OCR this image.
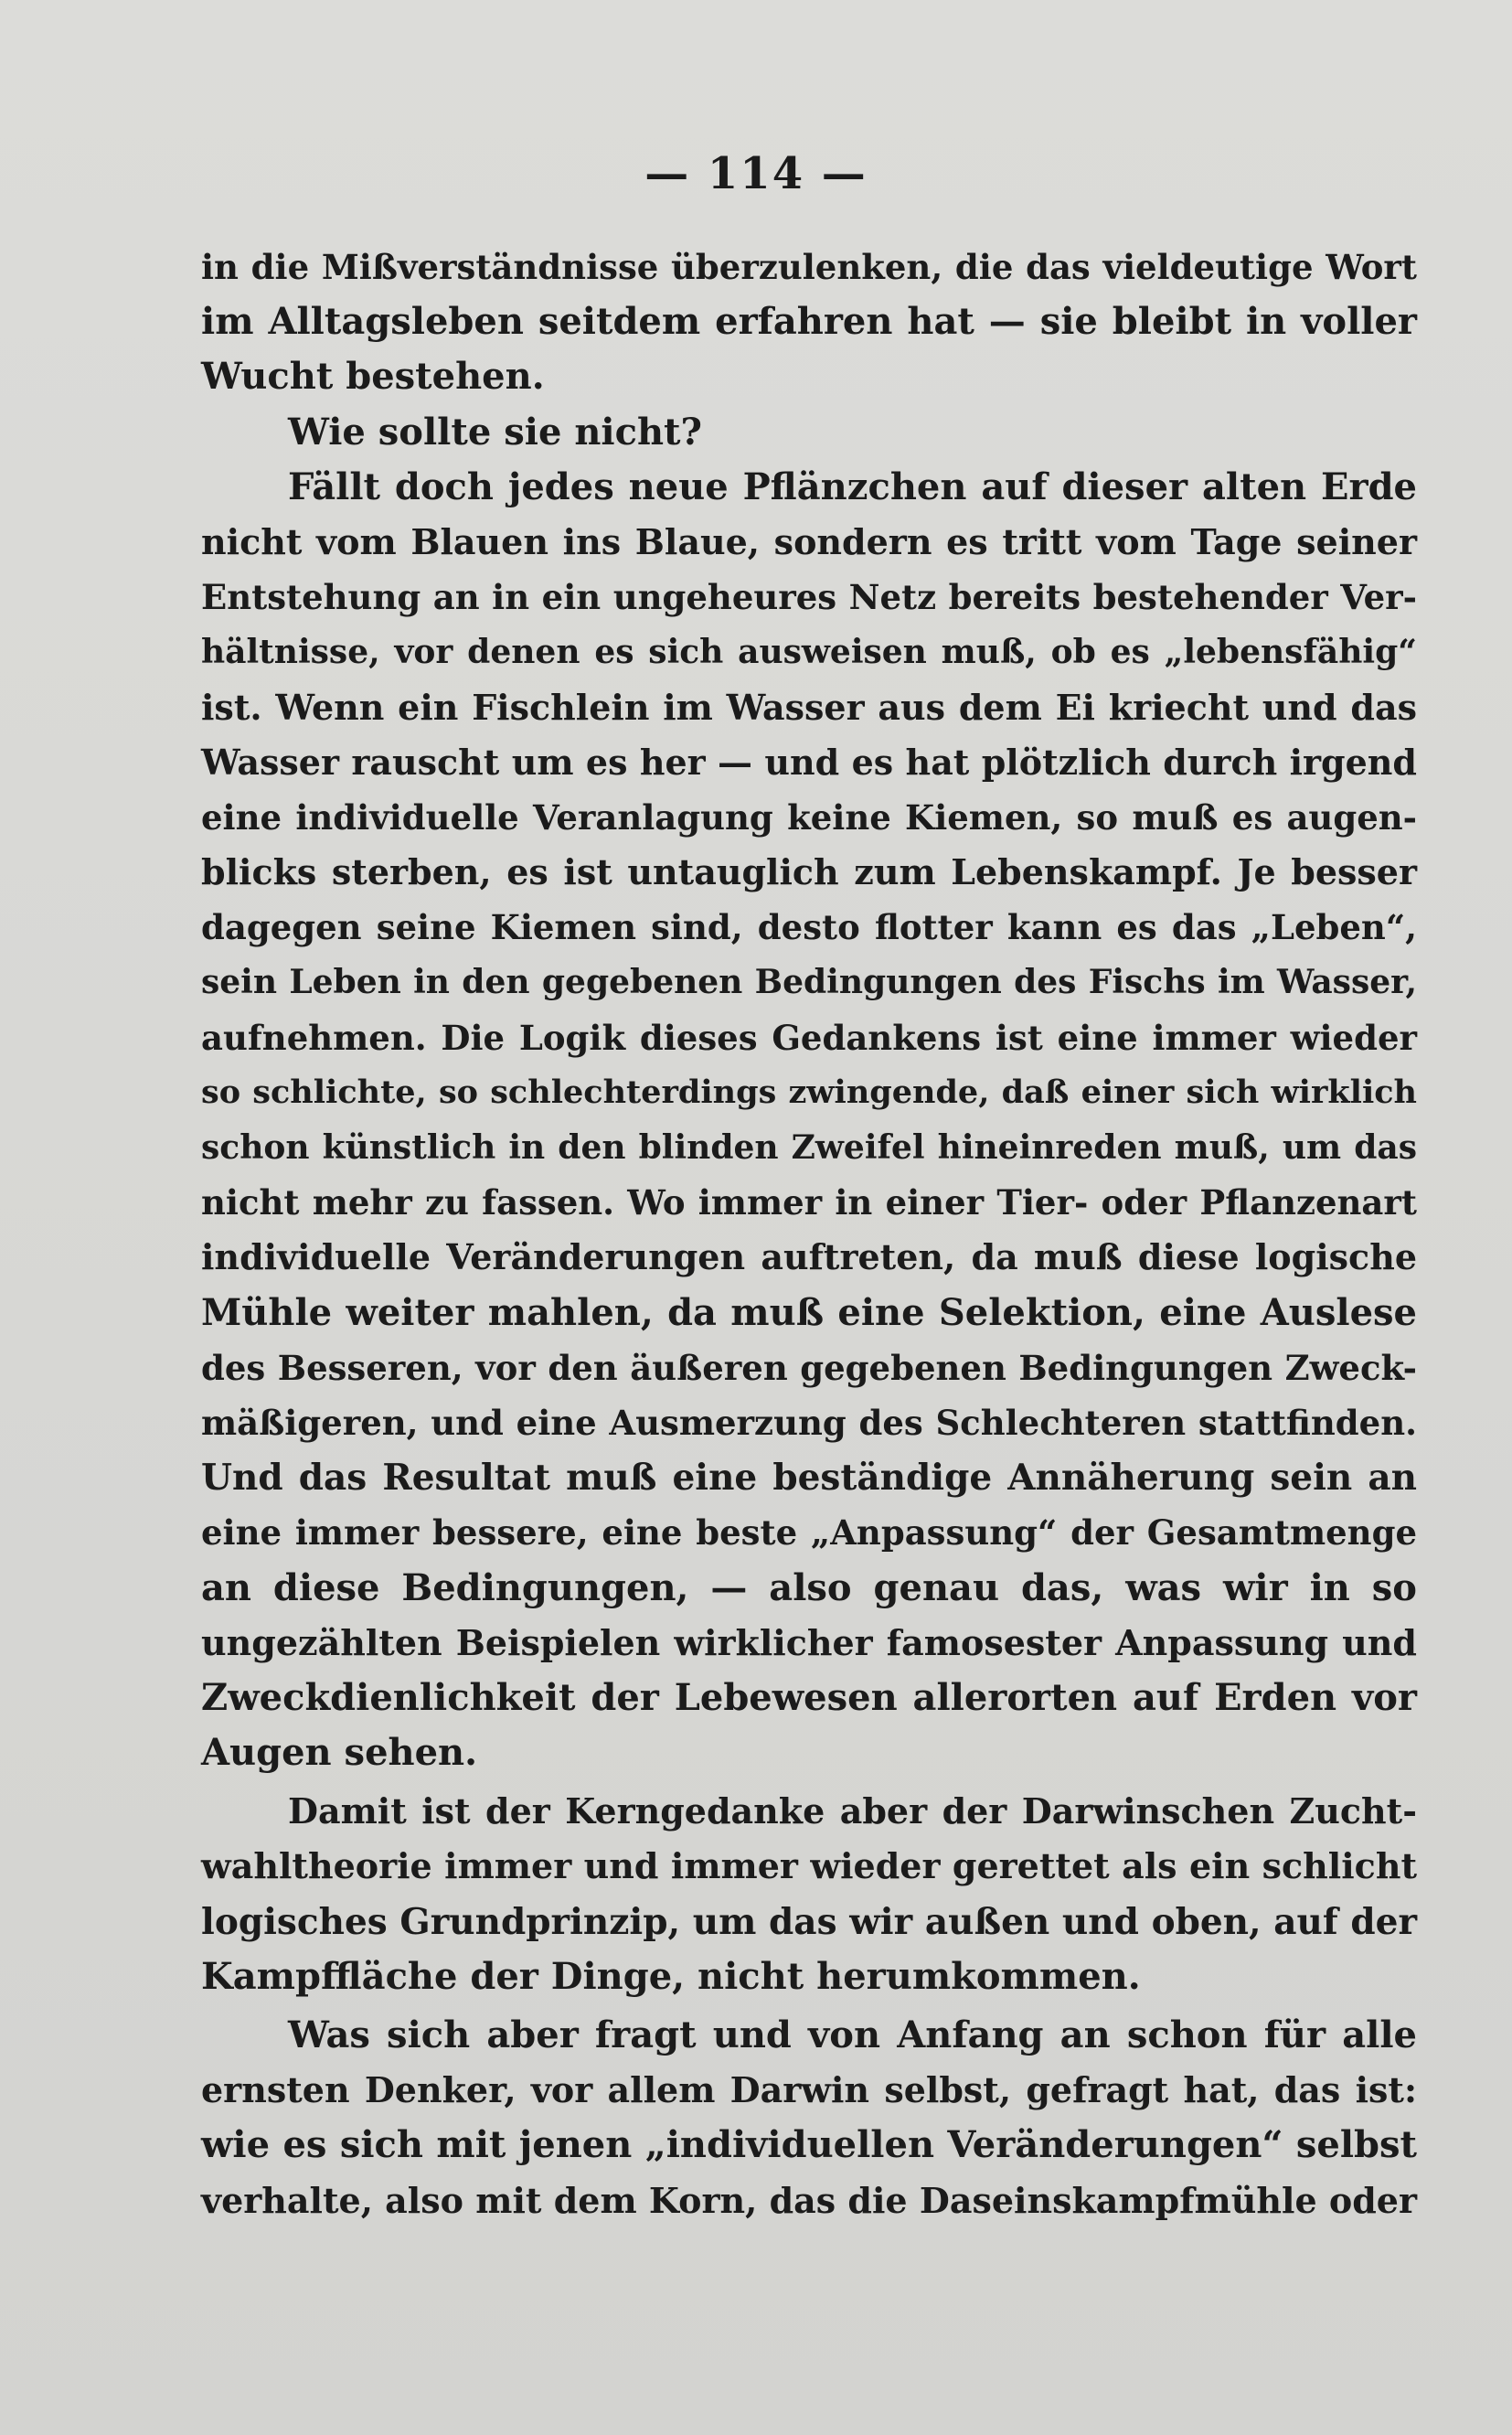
— 114 —
in die Mißverständnisse überzulenken, die das vieldeutige Wort
im Alltagsleben seitdem erfahren hat — sie bleibt in voller
Wucht bestehen.
Wie sollte sie nicht?
Fällt doch jedes neue Pflänzchen auf dieser alten Erde
nicht vom Blauen ins Blaue, sondern es tritt vom Tage seiner
Entstehung an in ein ungeheures Netz bereits bestehender Ver-
hältnisse, vor denen es sich ausweisen muß, ob es „lebensfähig“
ist. Wenn ein Fischlein im Wasser aus dem Ei kriecht und das
Wasser rauscht um es her — und es hat plötzlich durch irgend
eine individuelle Veranlagung keine Kiemen, so muß es augen-
blicks sterben, es ist untauglich zum Lebenskampf. Je besser
dagegen seine Kiemen sind, desto flotter kann es das „Leben“,
sein Leben in den gegebenen Bedingungen des Fischs im Wasser,
aufnehmen. Die Logik dieses Gedankens ist eine immer wieder
so schlichte, so schlechterdings zwingende, daß einer sich wirklich
schon künstlich in den blinden Zweifel hineinreden muß, um das
nicht mehr zu fassen. Wo immer in einer Tier- oder Pflanzenart
individuelle Veränderungen auftreten, da muß diese logische
Mühle weiter mahlen, da muß eine Selektion, eine Auslese
des Besseren, vor den äußeren gegebenen Bedingungen Zweck-
mäßigeren, und eine Ausmerzung des Schlechteren stattfinden.
Und das Resultat muß eine beständige Annäherung sein an
eine immer bessere, eine beste „Anpassung“ der Gesamtmenge
an diese Bedingungen, — also genau das, was wir in so
ungezählten Beispielen wirklicher famosester Anpassung und
Zweckdienlichkeit der Lebewesen allerorten auf Erden vor
Augen sehen.
Damit ist der Kerngedanke aber der Darwinschen Zucht-
wahltheorie immer und immer wieder gerettet als ein schlicht
logisches Grundprinzip, um das wir außen und oben, auf der
Kampffläche der Dinge, nicht herumkommen.
Was sich aber fragt und von Anfang an schon für alle
ernsten Denker, vor allem Darwin selbst, gefragt hat, das ist:
wie es sich mit jenen „individuellen Veränderungen“ selbst
verhalte, also mit dem Korn, das die Daseinskampfmühle oder
